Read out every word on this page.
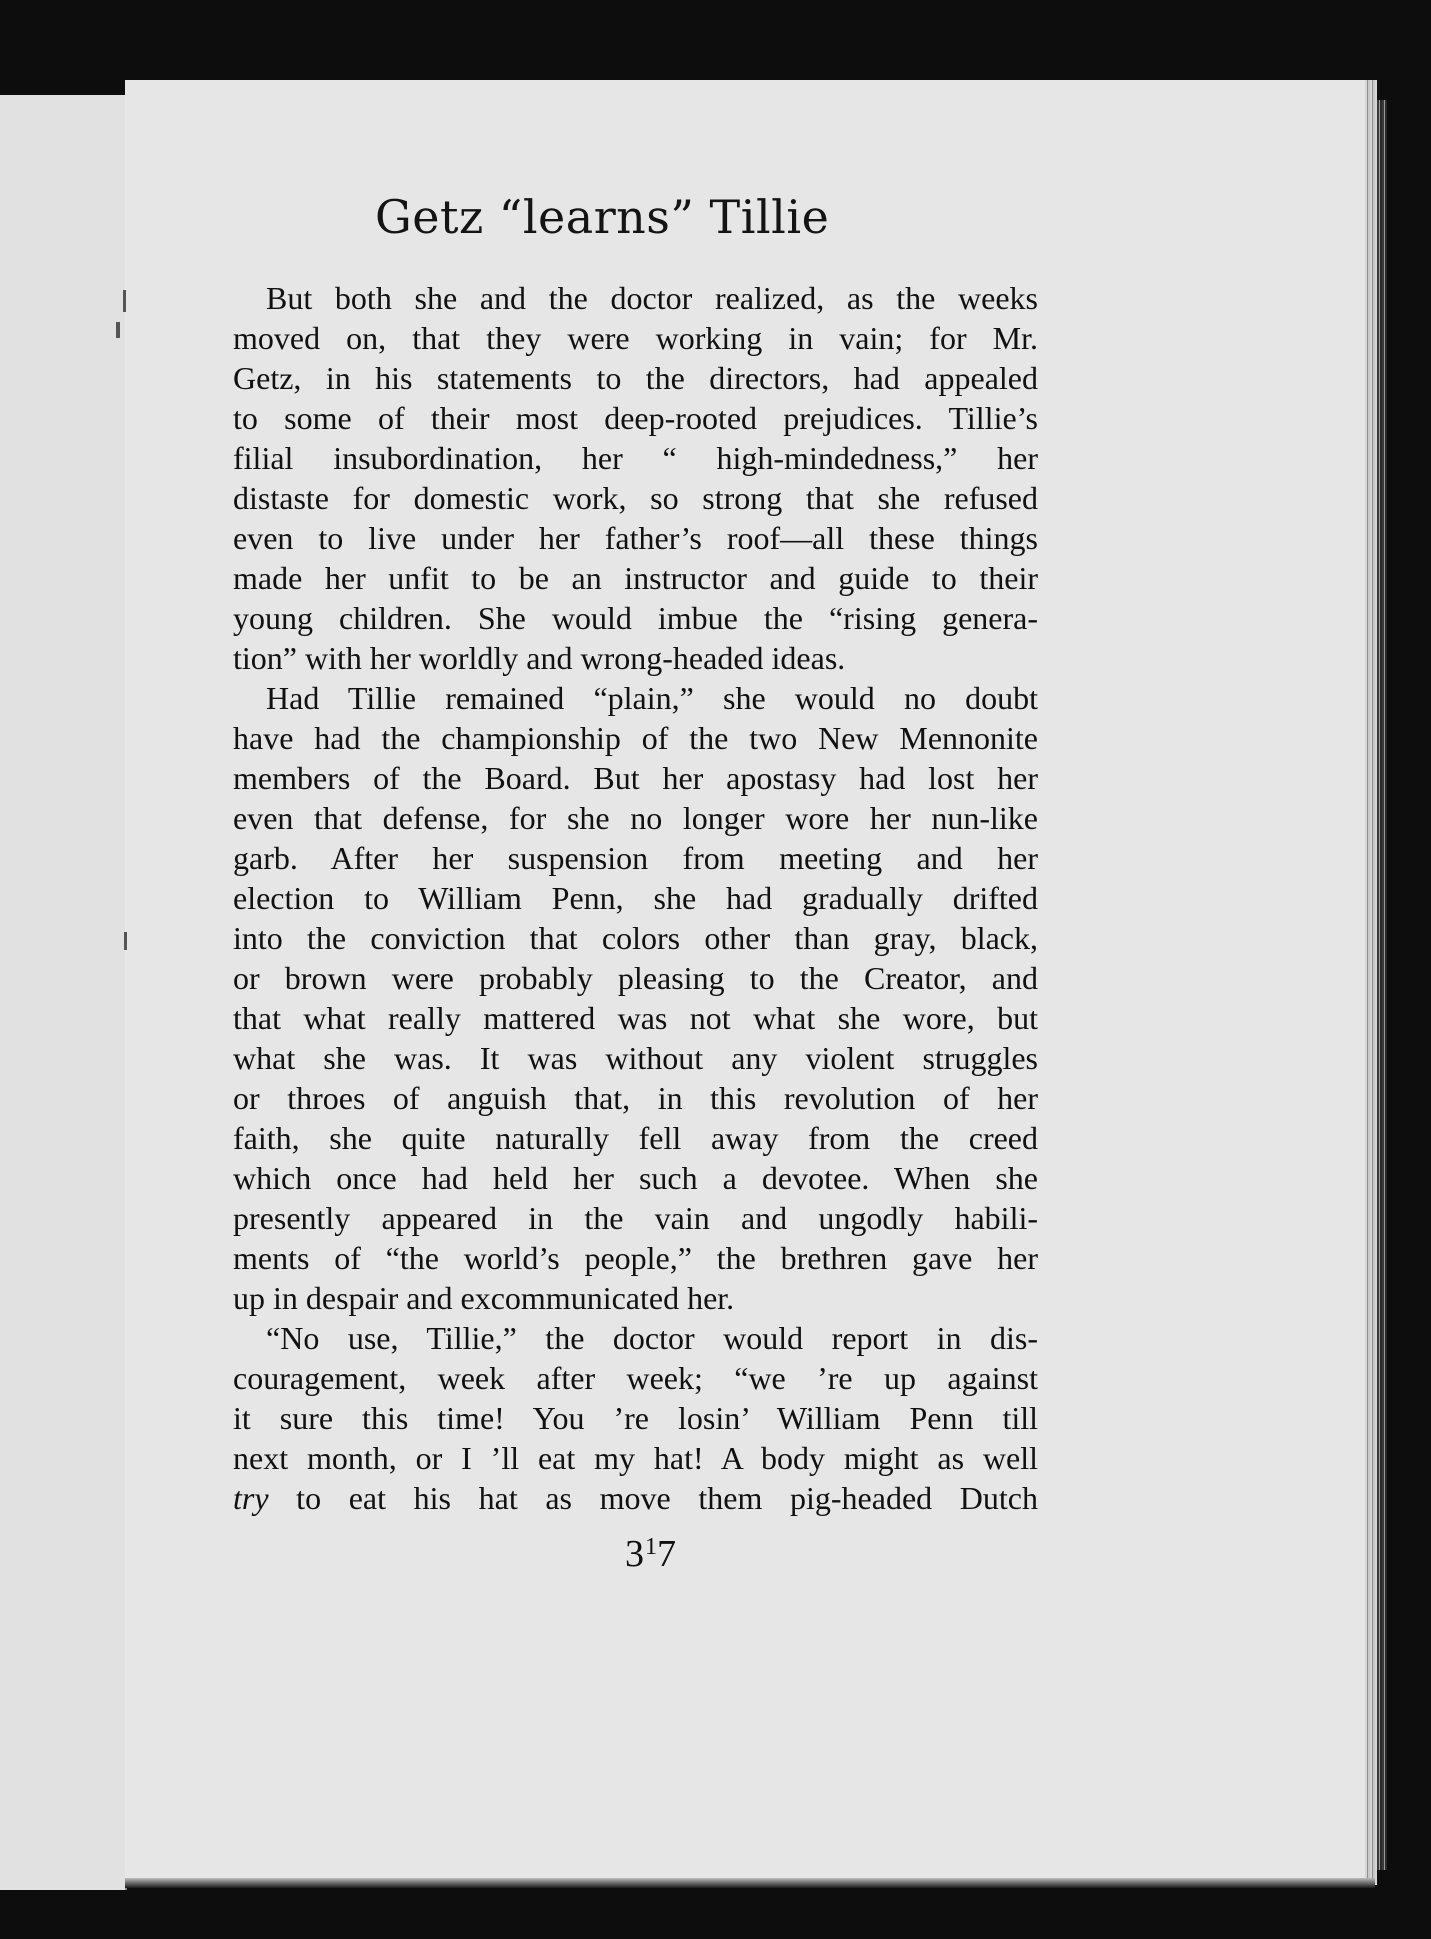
Getz “learns” Tillie
But both she and the doctor realized, as the weeks
moved on, that they were working in vain; for Mr.
Getz, in his statements to the directors, had appealed
to some of their most deep-rooted prejudices. Tillie’s
filial insubordination, her “ high-mindedness,” her
distaste for domestic work, so strong that she refused
even to live under her father’s roof—all these things
made her unfit to be an instructor and guide to their
young children. She would imbue the “rising genera-
tion” with her worldly and wrong-headed ideas.
Had Tillie remained “plain,” she would no doubt
have had the championship of the two New Mennonite
members of the Board. But her apostasy had lost her
even that defense, for she no longer wore her nun-like
garb. After her suspension from meeting and her
election to William Penn, she had gradually drifted
into the conviction that colors other than gray, black,
or brown were probably pleasing to the Creator, and
that what really mattered was not what she wore, but
what she was. It was without any violent struggles
or throes of anguish that, in this revolution of her
faith, she quite naturally fell away from the creed
which once had held her such a devotee. When she
presently appeared in the vain and ungodly habili-
ments of “the world’s people,” the brethren gave her
up in despair and excommunicated her.
“No use, Tillie,” the doctor would report in dis-
couragement, week after week; “we ’re up against
it sure this time! You ’re losin’ William Penn till
next month, or I ’ll eat my hat! A body might as well
try to eat his hat as move them pig-headed Dutch
$3^17$
